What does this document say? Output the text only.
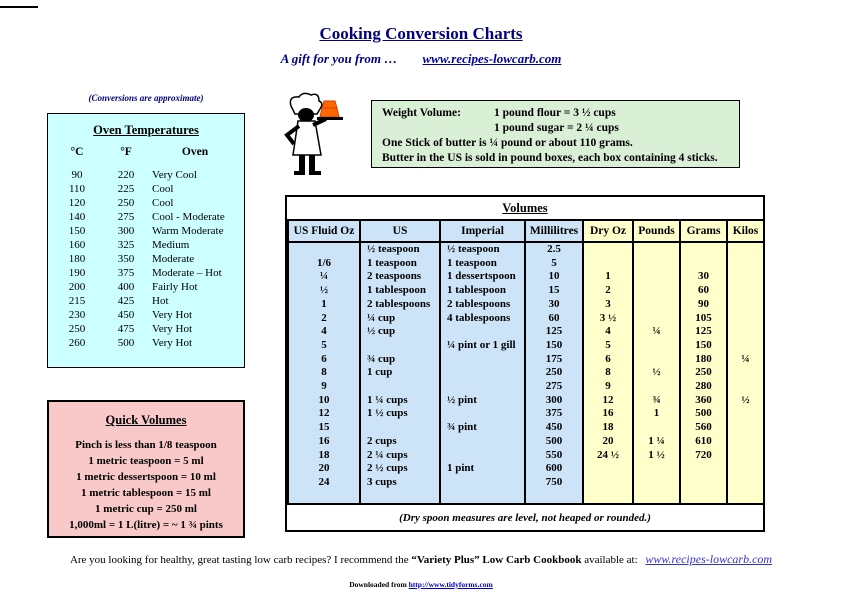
Cooking Conversion Charts
A gift for you from … www.recipes-lowcarb.com
(Conversions are approximate)
Oven Temperatures
°C	°F	Oven
90	220	Very Cool
110	225	Cool
120	250	Cool
140	275	Cool - Moderate
150	300	Warm Moderate
160	325	Medium
180	350	Moderate
190	375	Moderate – Hot
200	400	Fairly Hot
215	425	Hot
230	450	Very Hot
250	475	Very Hot
260	500	Very Hot
Weight Volume:	1 pound flour = 3 ½ cups
1 pound sugar = 2 ¼ cups
One Stick of butter is ¼ pound or about 110 grams.
Butter in the US is sold in pound boxes, each box containing 4 sticks.
Volumes
US Fluid Oz	US	Imperial	Millilitres	Dry Oz	Pounds	Grams	Kilos
	½ teaspoon	½ teaspoon	2.5				
1/6	1 teaspoon	1 teaspoon	5				
¼	2 teaspoons	1 dessertspoon	10	1		30	
½	1 tablespoon	1 tablespoon	15	2		60	
1	2 tablespoons	2 tablespoons	30	3		90	
2	¼ cup	4 tablespoons	60	3 ½		105	
4	½ cup		125	4	¼	125	
5		¼ pint or 1 gill	150	5		150	
6	¾ cup		175	6		180	¼
8	1 cup		250	8	½	250	
9			275	9		280	
10	1 ¼ cups	½ pint	300	12	¾	360	½
12	1 ½ cups		375	16	1	500	
15		¾ pint	450	18		560	
16	2 cups		500	20	1 ¼	610	
18	2 ¼ cups		550	24 ½	1 ½	720	
20	2 ½ cups	1 pint	600				
24	3 cups		750				

(Dry spoon measures are level, not heaped or rounded.)
Quick Volumes
Pinch is less than 1/8 teaspoon
1 metric teaspoon = 5 ml
1 metric dessertspoon = 10 ml
1 metric tablespoon = 15 ml
1 metric cup = 250 ml
1,000ml = 1 L(litre) = ~ 1 ¾ pints
Are you looking for healthy, great tasting low carb recipes? I recommend the “Variety Plus” Low Carb Cookbook available at: www.recipes-lowcarb.com
Downloaded from http://www.tidyforms.com
